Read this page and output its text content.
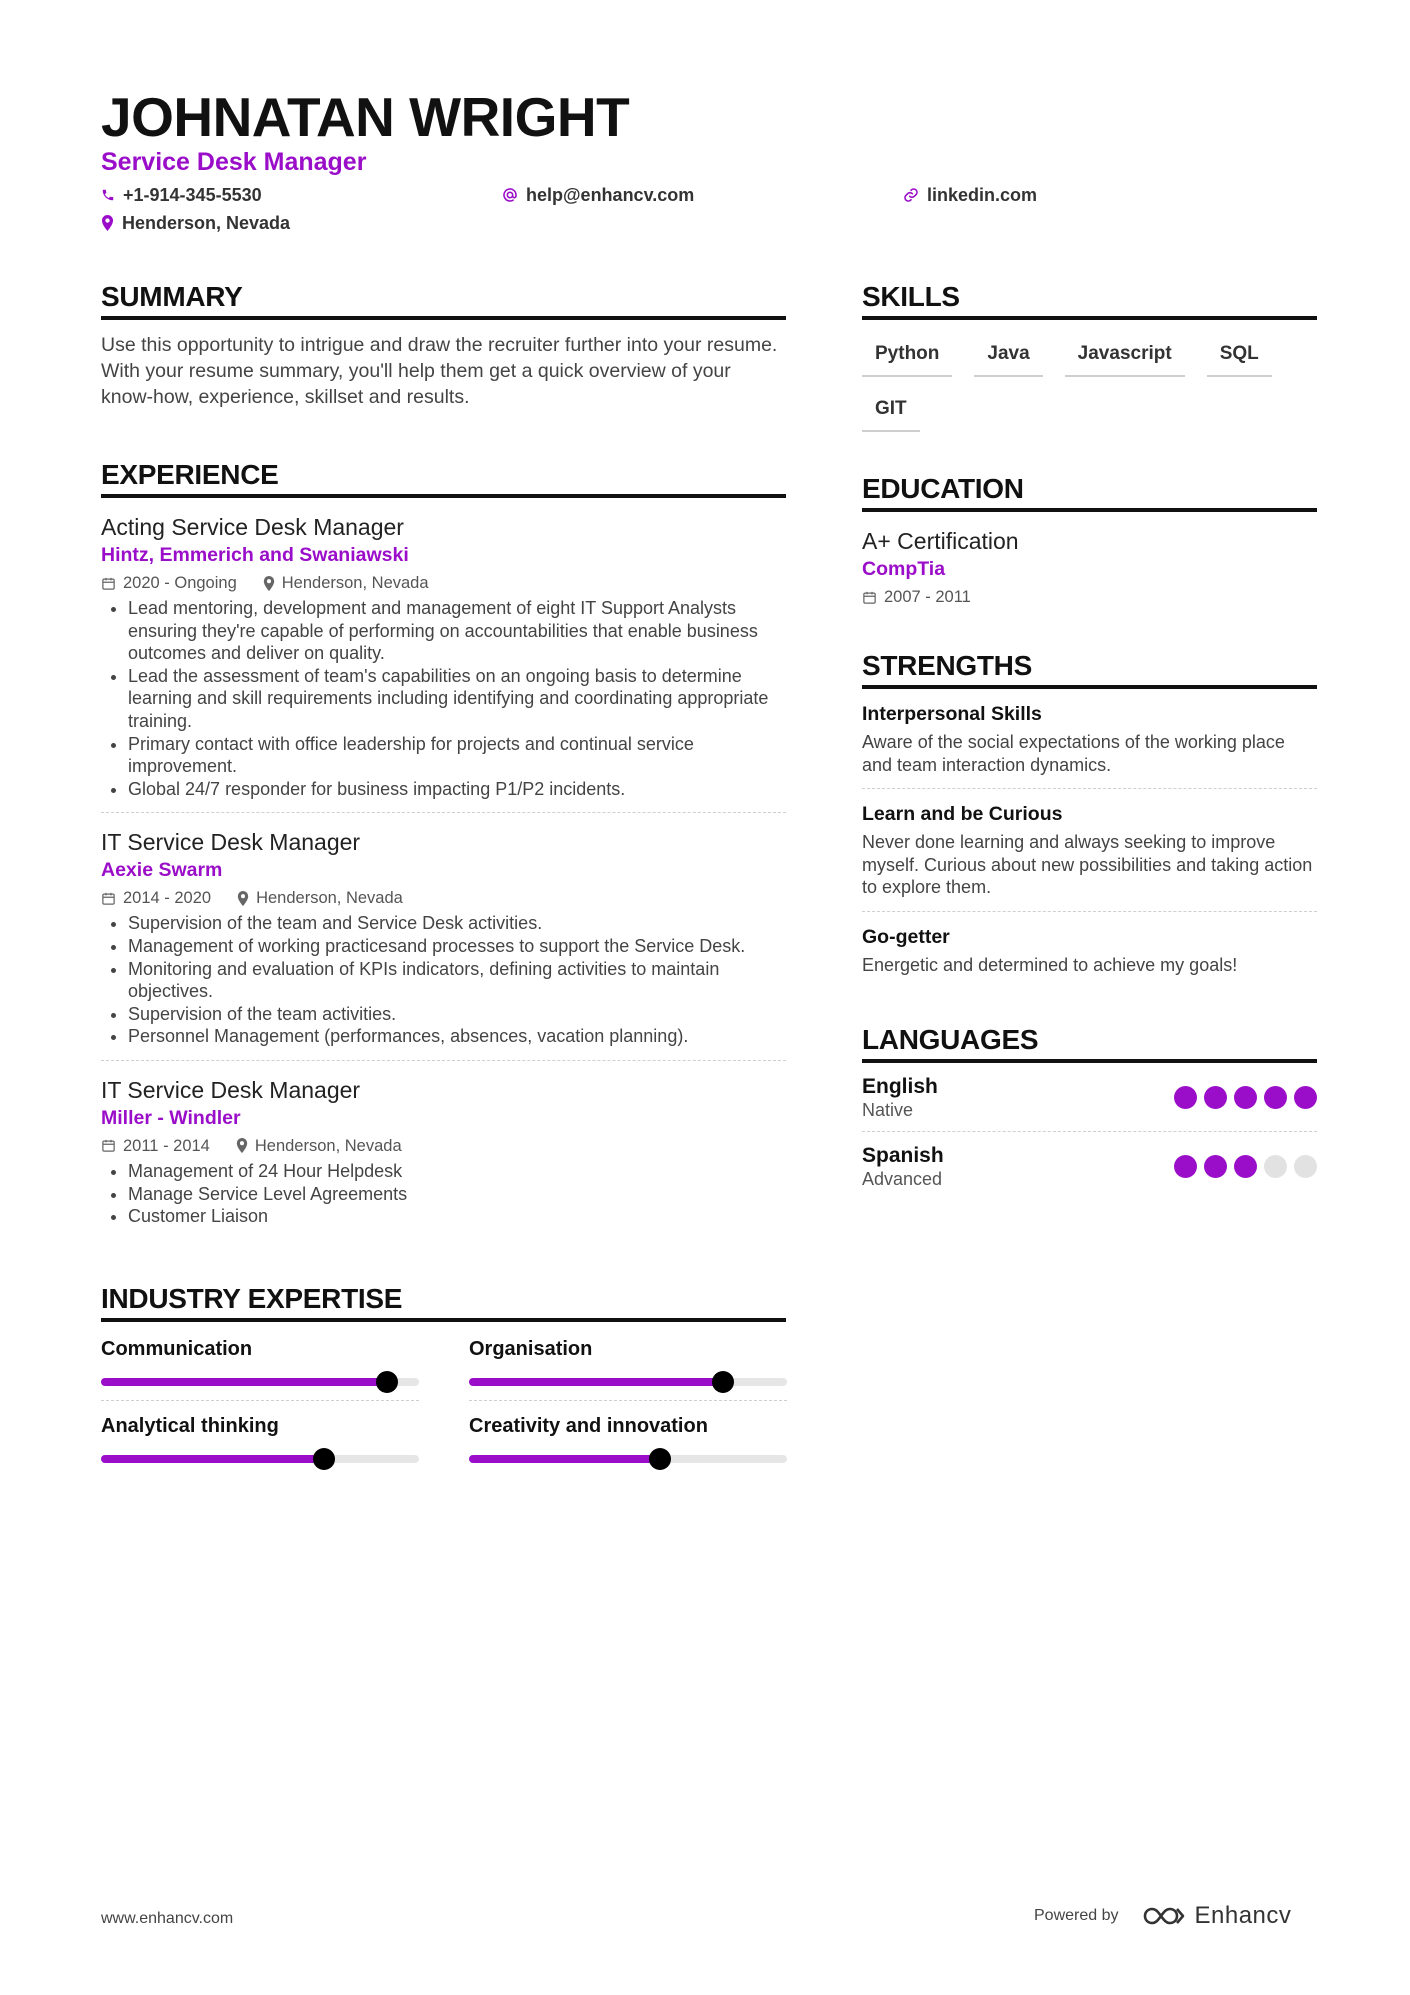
JOHNATAN WRIGHT
Service Desk Manager
+1-914-345-5530	help@enhancv.com	linkedin.com
Henderson, Nevada
SUMMARY

Use this opportunity to intrigue and draw the recruiter further into your resume. With your resume summary, you'll help them get a quick overview of your know-how, experience, skillset and results.

EXPERIENCE
Acting Service Desk Manager
Hintz, Emmerich and Swaniawski
2020 - Ongoing	Henderson, Nevada
• Lead mentoring, development and management of eight IT Support Analysts ensuring they're capable of performing on accountabilities that enable business outcomes and deliver on quality.
• Lead the assessment of team's capabilities on an ongoing basis to determine learning and skill requirements including identifying and coordinating appropriate training.
• Primary contact with office leadership for projects and continual service improvement.
• Global 24/7 responder for business impacting P1/P2 incidents.
IT Service Desk Manager
Aexie Swarm
2014 - 2020	Henderson, Nevada
• Supervision of the team and Service Desk activities.
• Management of working practicesand processes to support the Service Desk.
• Monitoring and evaluation of KPIs indicators, defining activities to maintain objectives.
• Supervision of the team activities.
• Personnel Management (performances, absences, vacation planning).
IT Service Desk Manager
Miller - Windler
2011 - 2014	Henderson, Nevada
• Management of 24 Hour Helpdesk
• Manage Service Level Agreements
• Customer Liaison
INDUSTRY EXPERTISE
Communication	Organisation
Analytical thinking	Creativity and innovation
SKILLS
Python	Java	Javascript	SQL
GIT
EDUCATION
A+ Certification
CompTia
2007 - 2011
STRENGTHS
Interpersonal Skills
Aware of the social expectations of the working place and team interaction dynamics.
Learn and be Curious
Never done learning and always seeking to improve myself. Curious about new possibilities and taking action to explore them.
Go-getter
Energetic and determined to achieve my goals!
LANGUAGES
English
Native
Spanish
Advanced
www.enhancv.com	Powered by	Enhancv
